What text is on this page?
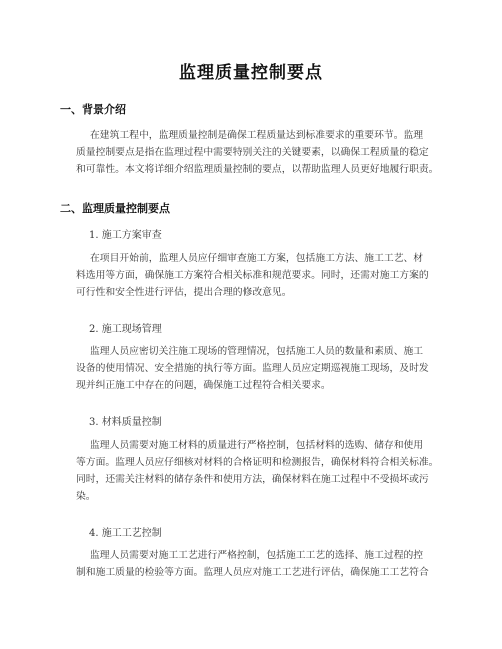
监理质量控制要点
一、背景介绍
在建筑工程中，监理质量控制是确保工程质量达到标准要求的重要环节。监理
质量控制要点是指在监理过程中需要特别关注的关键要素，以确保工程质量的稳定
和可靠性。本文将详细介绍监理质量控制的要点，以帮助监理人员更好地履行职责。
二、监理质量控制要点
1. 施工方案审查
在项目开始前，监理人员应仔细审查施工方案，包括施工方法、施工工艺、材
料选用等方面，确保施工方案符合相关标准和规范要求。同时，还需对施工方案的
可行性和安全性进行评估，提出合理的修改意见。
2. 施工现场管理
监理人员应密切关注施工现场的管理情况，包括施工人员的数量和素质、施工
设备的使用情况、安全措施的执行等方面。监理人员应定期巡视施工现场，及时发
现并纠正施工中存在的问题，确保施工过程符合相关要求。
3. 材料质量控制
监理人员需要对施工材料的质量进行严格控制，包括材料的选购、储存和使用
等方面。监理人员应仔细核对材料的合格证明和检测报告，确保材料符合相关标准。
同时，还需关注材料的储存条件和使用方法，确保材料在施工过程中不受损坏或污
染。
4. 施工工艺控制
监理人员需要对施工工艺进行严格控制，包括施工工艺的选择、施工过程的控
制和施工质量的检验等方面。监理人员应对施工工艺进行评估，确保施工工艺符合
